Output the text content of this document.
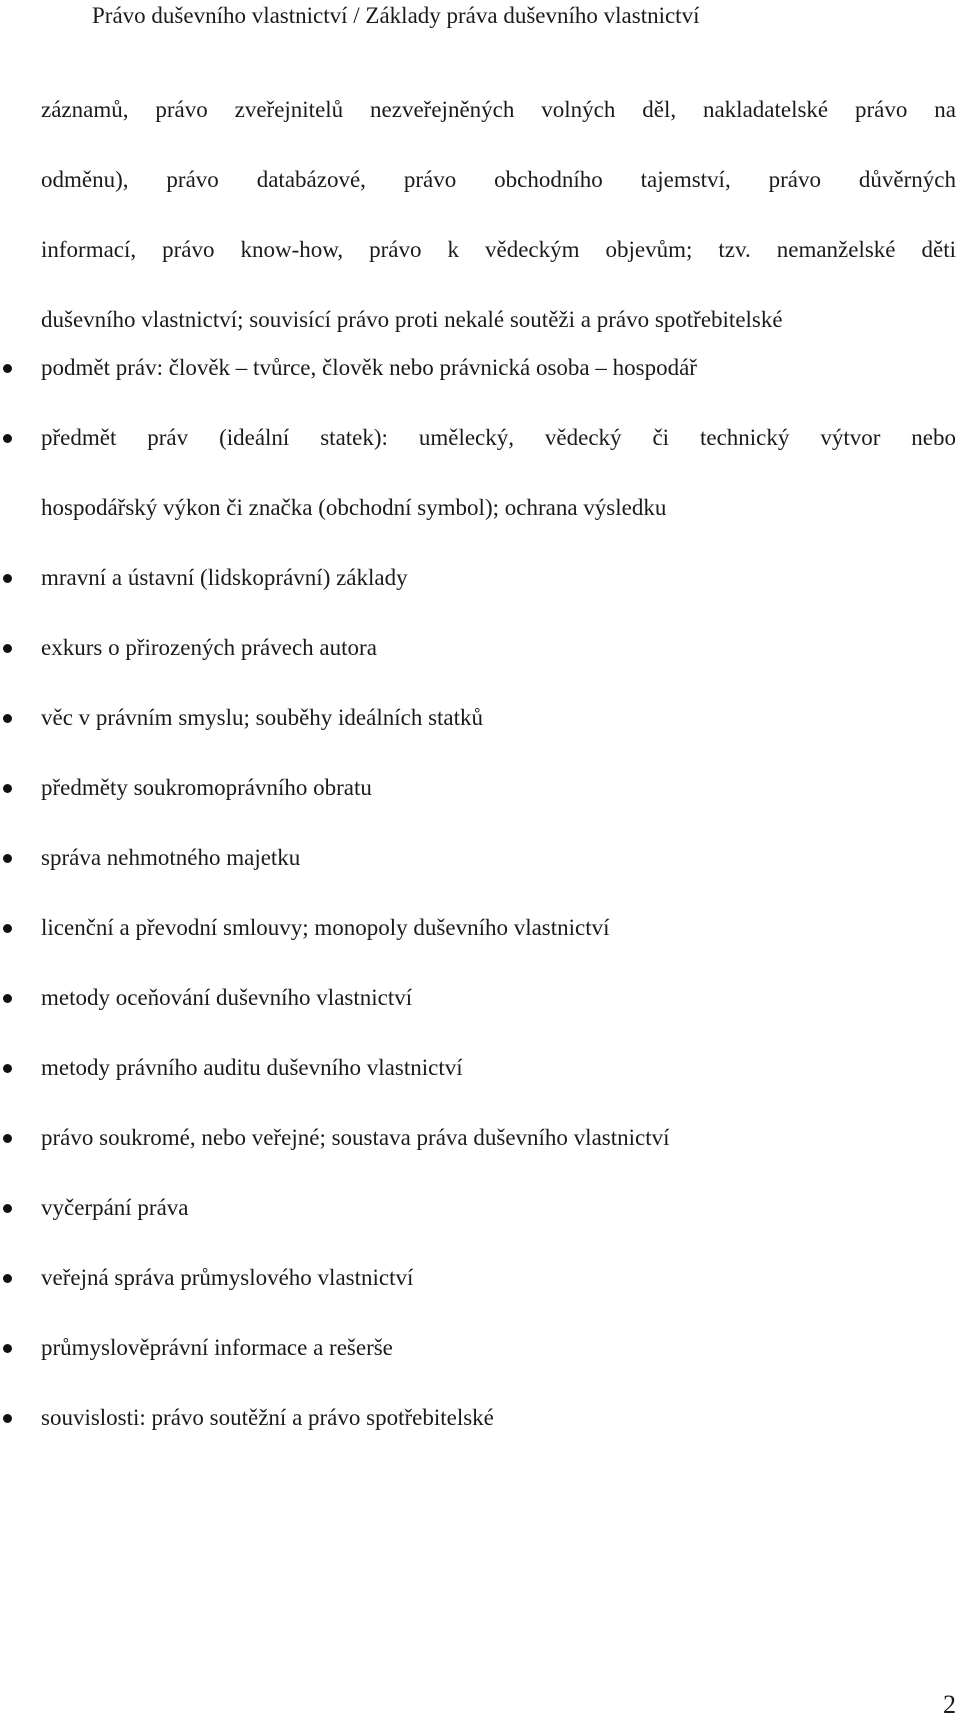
Právo duševního vlastnictví / Základy práva duševního vlastnictví
záznamů, právo zveřejnitelů nezveřejněných volných děl, nakladatelské právo na
odměnu), právo databázové, právo obchodního tajemství, právo důvěrných
informací, právo know-how, právo k vědeckým objevům; tzv. nemanželské děti
duševního vlastnictví; souvisící právo proti nekalé soutěži a právo spotřebitelské
podmět práv: člověk – tvůrce, člověk nebo právnická osoba – hospodář
předmět práv (ideální statek): umělecký, vědecký či technický výtvor nebo
hospodářský výkon či značka (obchodní symbol); ochrana výsledku
mravní a ústavní (lidskoprávní) základy
exkurs o přirozených právech autora
věc v právním smyslu; souběhy ideálních statků
předměty soukromoprávního obratu
správa nehmotného majetku
licenční a převodní smlouvy; monopoly duševního vlastnictví
metody oceňování duševního vlastnictví
metody právního auditu duševního vlastnictví
právo soukromé, nebo veřejné; soustava práva duševního vlastnictví
vyčerpání práva
veřejná správa průmyslového vlastnictví
průmyslověprávní informace a rešerše
souvislosti: právo soutěžní a právo spotřebitelské
2
